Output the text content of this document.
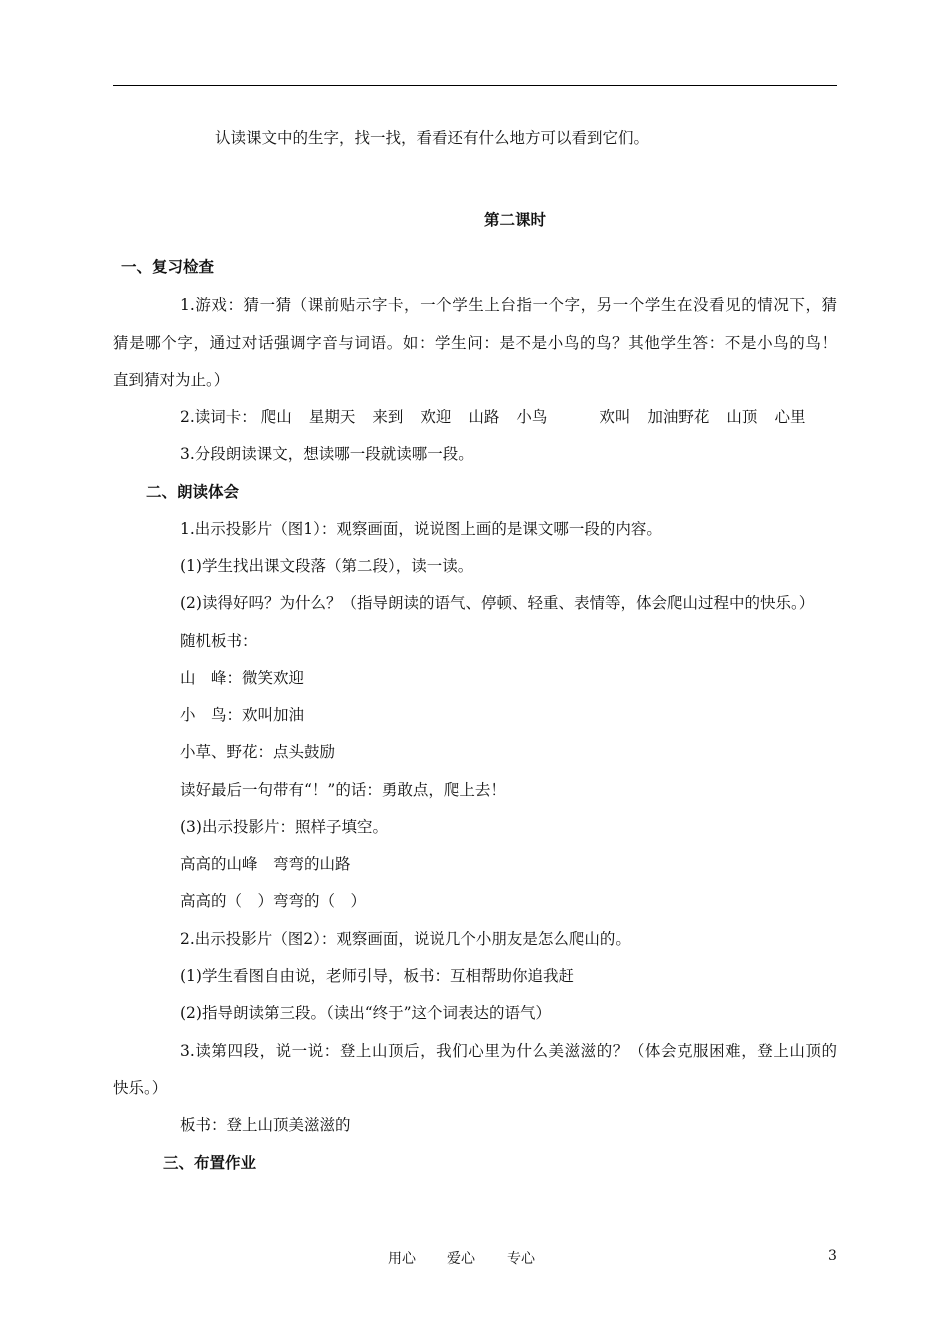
认读课文中的生字，找一找，看看还有什么地方可以看到它们。
第二课时
一、复习检查
1.游戏：猜一猜（课前贴示字卡，一个学生上台指一个字，另一个学生在没看见的情况下，猜
猜是哪个字，通过对话强调字音与词语。如：学生问：是不是小鸟的鸟？其他学生答：不是小鸟的鸟！
直到猜对为止。）
2.读词卡： 爬山 星期天 来到 欢迎 山路 小鸟	欢叫 加油野花 山顶 心里
3.分段朗读课文，想读哪一段就读哪一段。
二、朗读体会
1.出示投影片（图1）：观察画面，说说图上画的是课文哪一段的内容。
(1)学生找出课文段落（第二段），读一读。
(2)读得好吗？为什么？（指导朗读的语气、停顿、轻重、表情等，体会爬山过程中的快乐。）
随机板书：
山　峰：微笑欢迎
小　鸟：欢叫加油
小草、野花：点头鼓励
读好最后一句带有“！”的话：勇敢点，爬上去！
(3)出示投影片：照样子填空。
高高的山峰　弯弯的山路
高高的（　）弯弯的（　）
2.出示投影片（图2）：观察画面，说说几个小朋友是怎么爬山的。
(1)学生看图自由说，老师引导，板书：互相帮助你追我赶
(2)指导朗读第三段。（读出“终于”这个词表达的语气）
3.读第四段，说一说：登上山顶后，我们心里为什么美滋滋的？（体会克服困难，登上山顶的
快乐。）
板书：登上山顶美滋滋的
三、布置作业
用心 爱心 专心	3
